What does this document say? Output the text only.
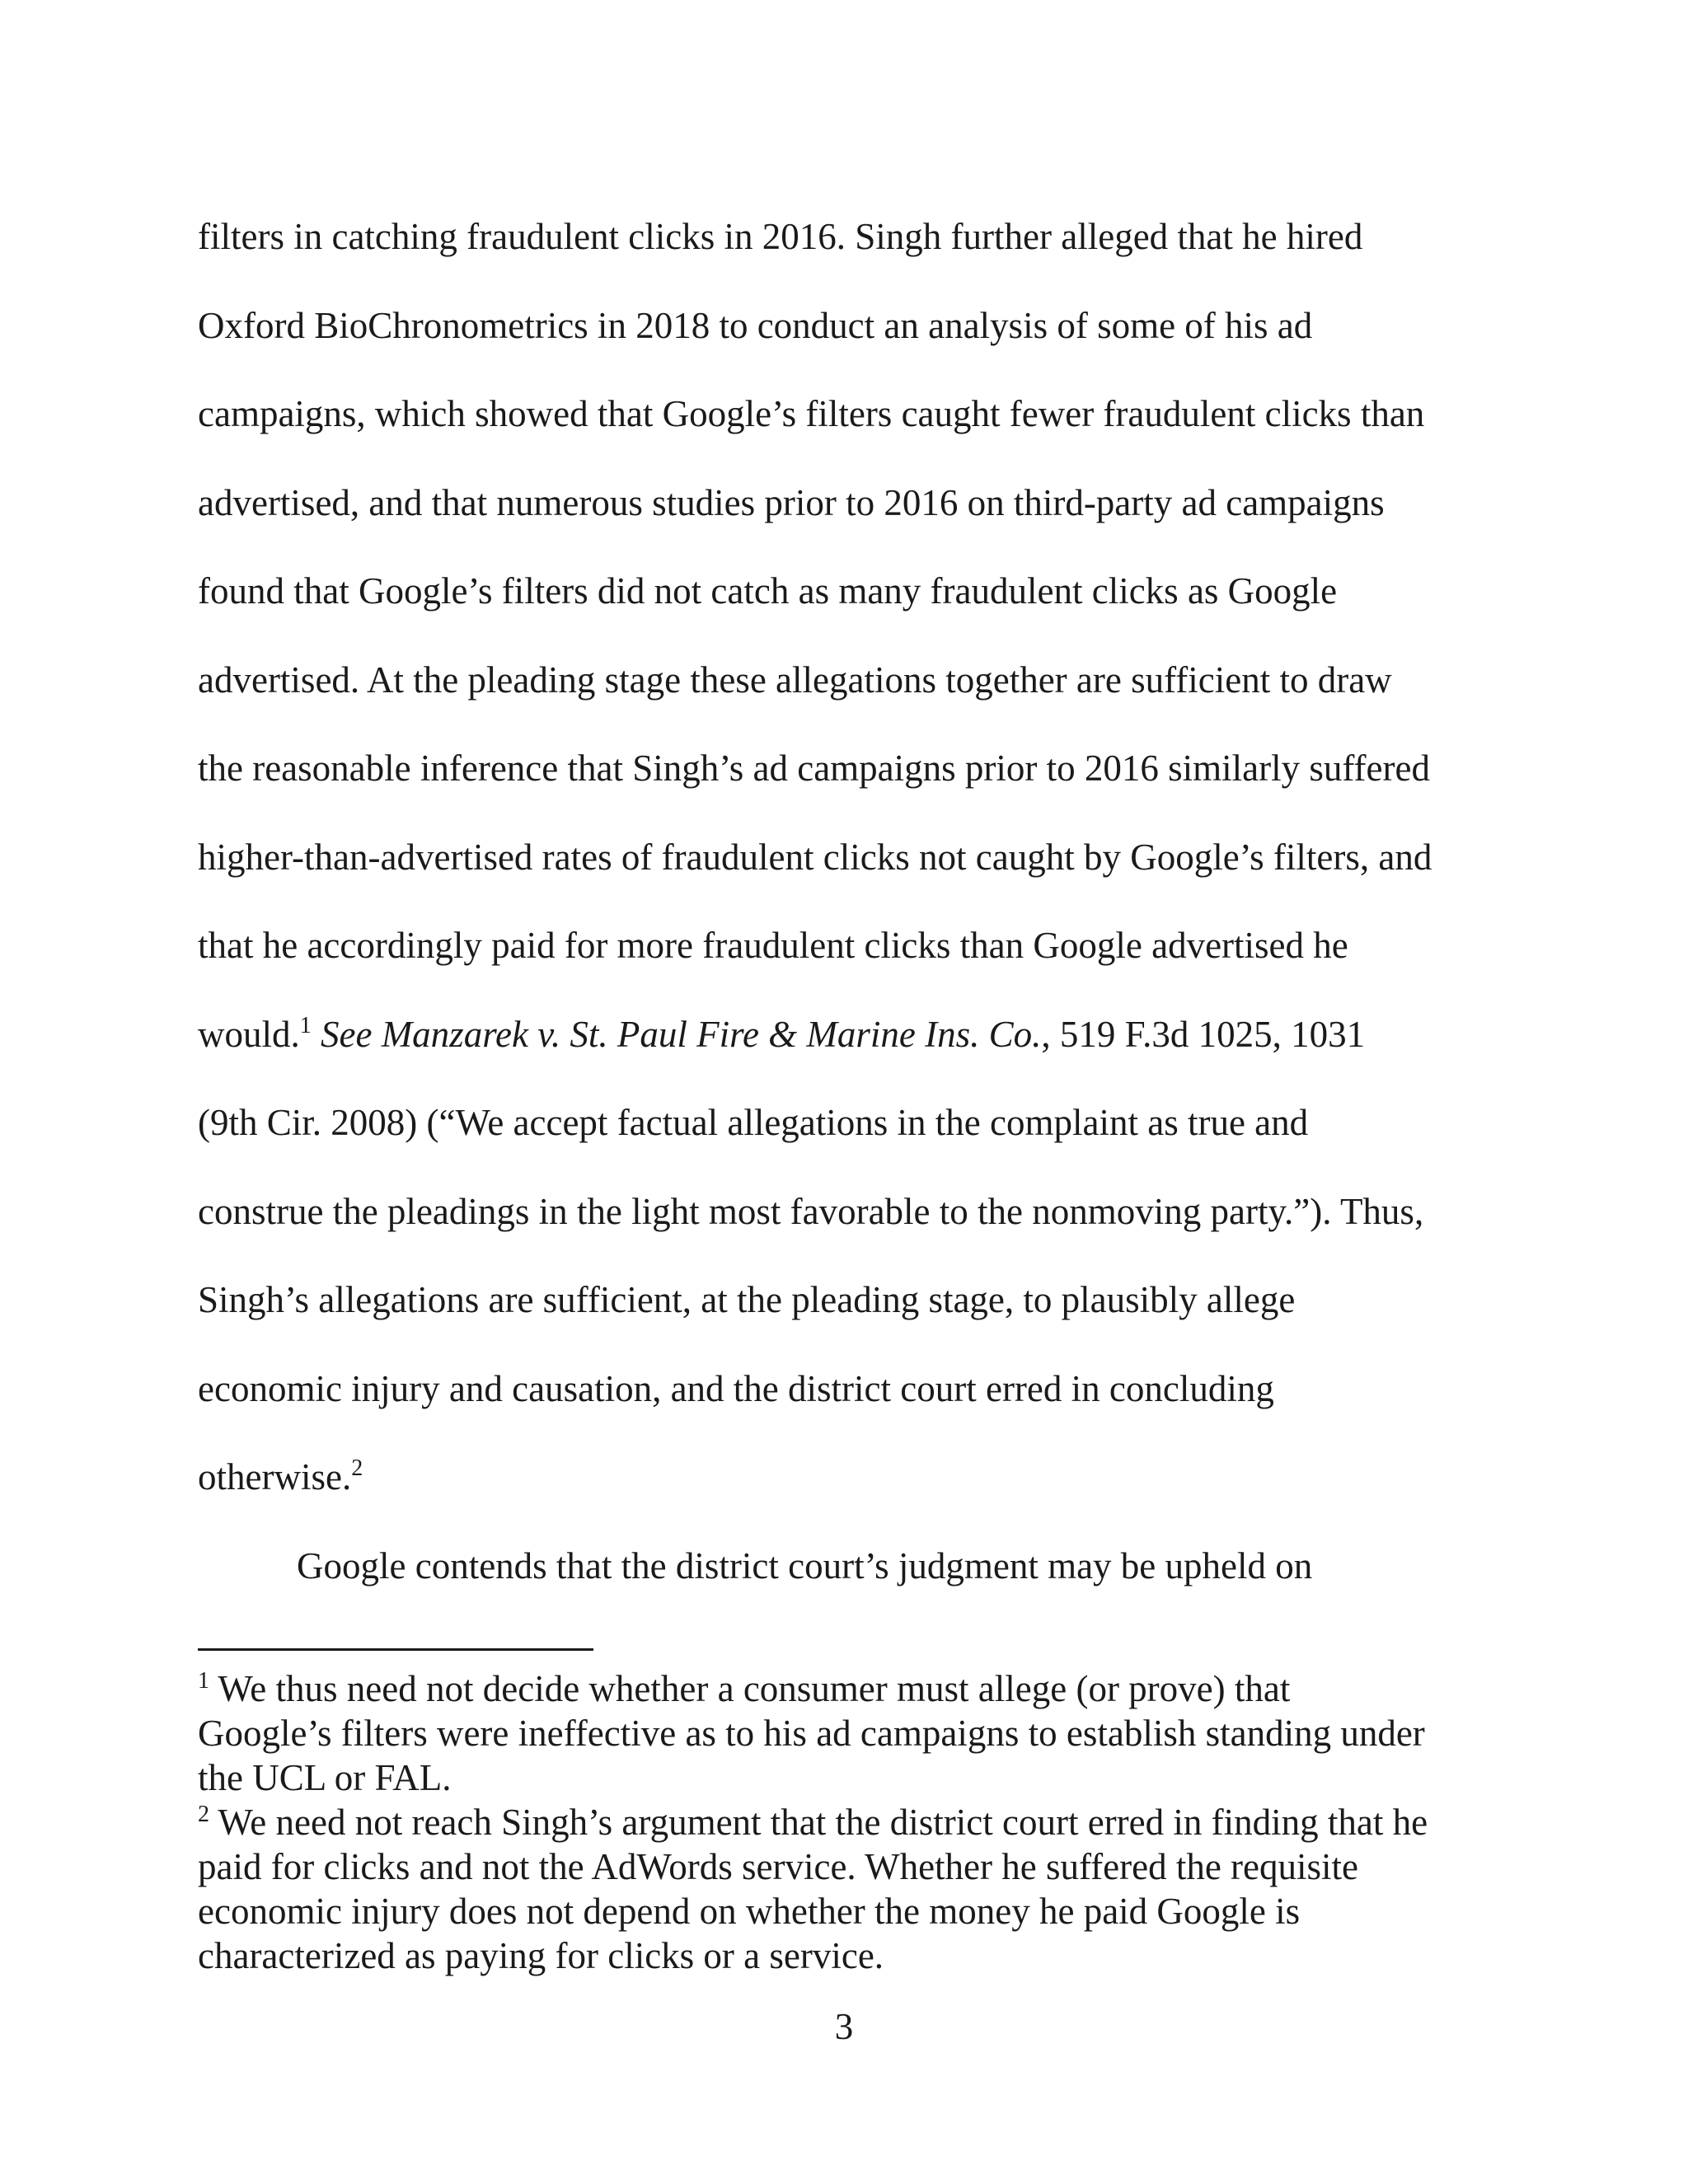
filters in catching fraudulent clicks in 2016. Singh further alleged that he hired
Oxford BioChronometrics in 2018 to conduct an analysis of some of his ad
campaigns, which showed that Google’s filters caught fewer fraudulent clicks than
advertised, and that numerous studies prior to 2016 on third-party ad campaigns
found that Google’s filters did not catch as many fraudulent clicks as Google
advertised. At the pleading stage these allegations together are sufficient to draw
the reasonable inference that Singh’s ad campaigns prior to 2016 similarly suffered
higher-than-advertised rates of fraudulent clicks not caught by Google’s filters, and
that he accordingly paid for more fraudulent clicks than Google advertised he
would.$^1$ See Manzarek v. St. Paul Fire & Marine Ins. Co., 519 F.3d 1025, 1031
(9th Cir. 2008) (“We accept factual allegations in the complaint as true and
construe the pleadings in the light most favorable to the nonmoving party.”). Thus,
Singh’s allegations are sufficient, at the pleading stage, to plausibly allege
economic injury and causation, and the district court erred in concluding
otherwise.$^2$
Google contends that the district court’s judgment may be upheld on
$^1$ We thus need not decide whether a consumer must allege (or prove) that
Google’s filters were ineffective as to his ad campaigns to establish standing under
the UCL or FAL.
$^2$ We need not reach Singh’s argument that the district court erred in finding that he
paid for clicks and not the AdWords service. Whether he suffered the requisite
economic injury does not depend on whether the money he paid Google is
characterized as paying for clicks or a service.
3
